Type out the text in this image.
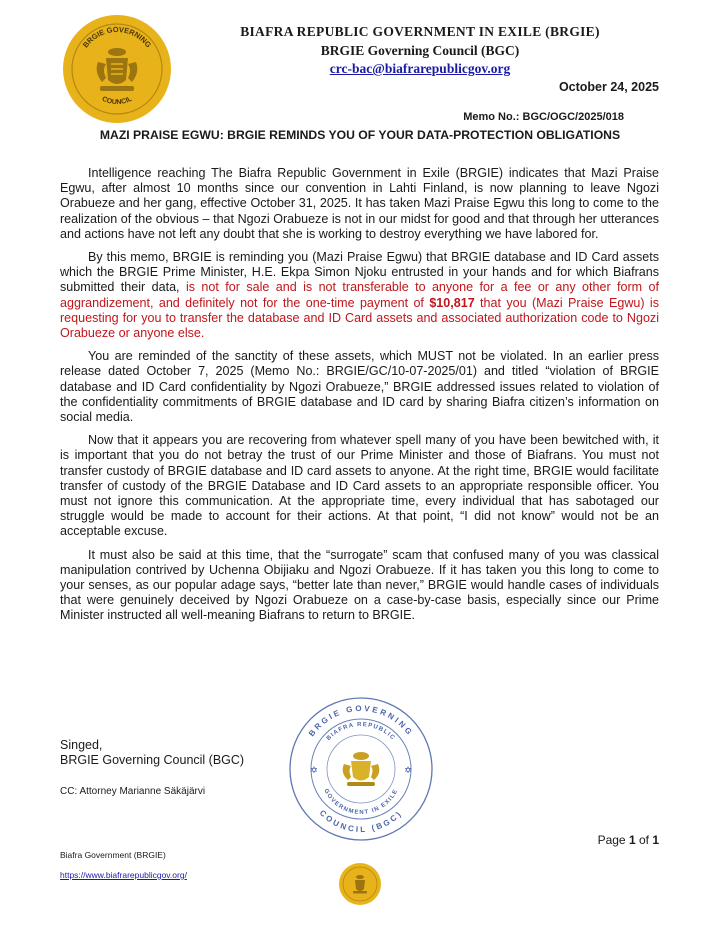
BRGIE GOVERNING
COUNCIL
BIAFRA REPUBLIC GOVERNMENT IN EXILE (BRGIE)
BRGIE Governing Council (BGC)
crc-bac@biafrarepublicgov.org
October 24, 2025
Memo No.: BGC/OGC/2025/018
MAZI PRAISE EGWU: BRGIE REMINDS YOU OF YOUR DATA-PROTECTION OBLIGATIONS

Intelligence reaching The Biafra Republic Government in Exile (BRGIE) indicates that Mazi Praise Egwu, after almost 10 months since our convention in Lahti Finland, is now planning to leave Ngozi Orabueze and her gang, effective October 31, 2025. It has taken Mazi Praise Egwu this long to come to the realization of the obvious – that Ngozi Orabueze is not in our midst for good and that through her utterances and actions have not left any doubt that she is working to destroy everything we have labored for.

By this memo, BRGIE is reminding you (Mazi Praise Egwu) that BRGIE database and ID Card assets which the BRGIE Prime Minister, H.E. Ekpa Simon Njoku entrusted in your hands and for which Biafrans submitted their data, is not for sale and is not transferable to anyone for a fee or any other form of aggrandizement, and definitely not for the one-time payment of $10,817 that you (Mazi Praise Egwu) is requesting for you to transfer the database and ID Card assets and associated authorization code to Ngozi Orabueze or anyone else.

You are reminded of the sanctity of these assets, which MUST not be violated. In an earlier press release dated October 7, 2025 (Memo No.: BRGIE/GC/10-07-2025/01) and titled “violation of BRGIE database and ID Card confidentiality by Ngozi Orabueze,” BRGIE addressed issues related to violation of the confidentiality commitments of BRGIE database and ID card by sharing Biafra citizen’s information on social media.

Now that it appears you are recovering from whatever spell many of you have been bewitched with, it is important that you do not betray the trust of our Prime Minister and those of Biafrans. You must not transfer custody of BRGIE database and ID card assets to anyone. At the right time, BRGIE would facilitate transfer of custody of the BRGIE Database and ID Card assets to an appropriate responsible officer. You must not ignore this communication. At the appropriate time, every individual that has sabotaged our struggle would be made to account for their actions. At that point, “I did not know” would not be an acceptable excuse.

It must also be said at this time, that the “surrogate” scam that confused many of you was classical manipulation contrived by Uchenna Obijiaku and Ngozi Orabueze. If it has taken you this long to come to your senses, as our popular adage says, “better late than never,” BRGIE would handle cases of individuals that were genuinely deceived by Ngozi Orabueze on a case-by-case basis, especially since our Prime Minister instructed all well-meaning Biafrans to return to BRGIE.

BRGIE GOVERNING
COUNCIL (BGC)
BIAFRA REPUBLIC
GOVERNMENT IN EXILE
✡	✡
Singed,
BRGIE Governing Council (BGC)
CC: Attorney Marianne Säkäjärvi
Page 1 of 1
Biafra Government (BRGIE)
https://www.biafrarepublicgov.org/
